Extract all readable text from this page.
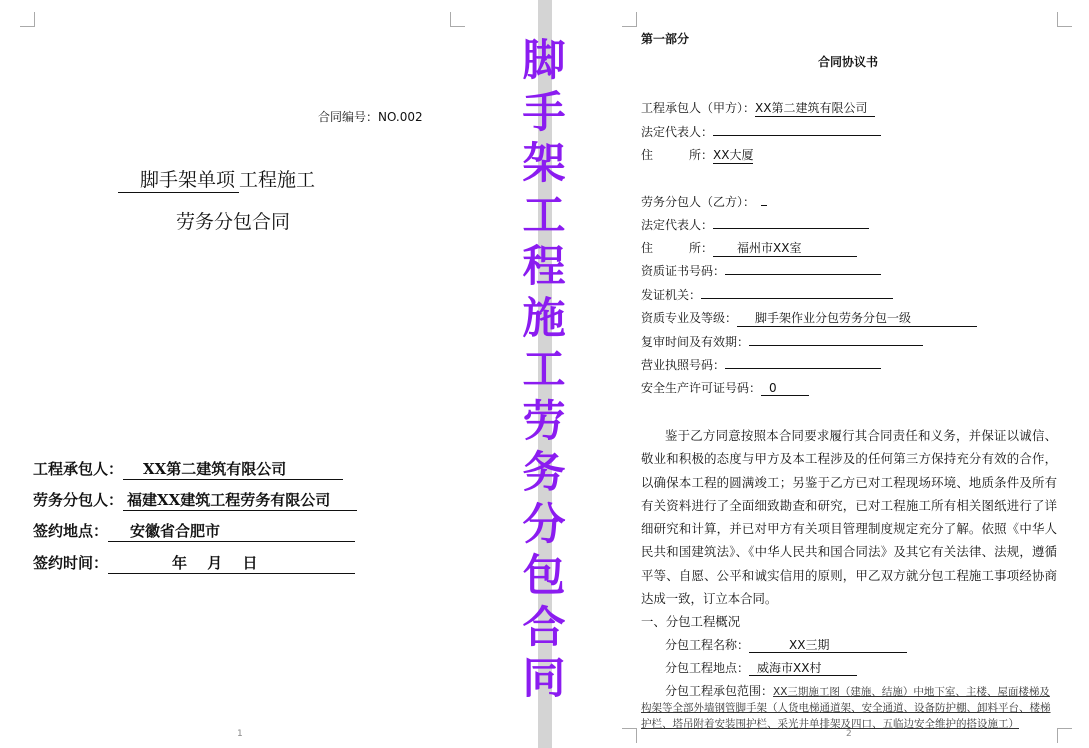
合同编号：NO.002
脚手架单项 工程施工
劳务分包合同
工程承包人： XX第二建筑有限公司
劳务分包人： 福建XX建筑工程劳务有限公司
签约地点： 安徽省合肥市
签约时间：	年　 月　 日
1
脚手架工程施工劳务分包合同
第一部分
合同协议书
工程承包人（甲方）：XX第二建筑有限公司
法定代表人：
住　　　所：XX大厦
劳务分包人（乙方）：
法定代表人：
住　　　所： 福州市XX室
资质证书号码：
发证机关：
资质专业及等级： 脚手架作业分包劳务分包一级
复审时间及有效期：
营业执照号码：
安全生产许可证号码： 0
鉴于乙方同意按照本合同要求履行其合同责任和义务，并保证以诚信、敬业和积极的态度与甲方及本工程涉及的任何第三方保持充分有效的合作，以确保本工程的圆满竣工；另鉴于乙方已对工程现场环境、地质条件及所有有关资料进行了全面细致勘查和研究，已对工程施工所有相关图纸进行了详细研究和计算，并已对甲方有关项目管理制度规定充分了解。依照《中华人民共和国建筑法》、《中华人民共和国合同法》及其它有关法律、法规，遵循平等、自愿、公平和诚实信用的原则，甲乙双方就分包工程施工事项经协商达成一致，订立本合同。
一、分包工程概况
分包工程名称：	XX三期
分包工程地点： 威海市XX村
分包工程承包范围：XX三期施工图（建施、结施）中地下室、主楼、屋面楼梯及构架等全部外墙钢管脚手架（人货电梯通道架、安全通道、设备防护棚、卸料平台、楼梯护栏、塔吊附着安装围护栏、采光井单排架及四口、五临边安全维护的搭设施工）
2
